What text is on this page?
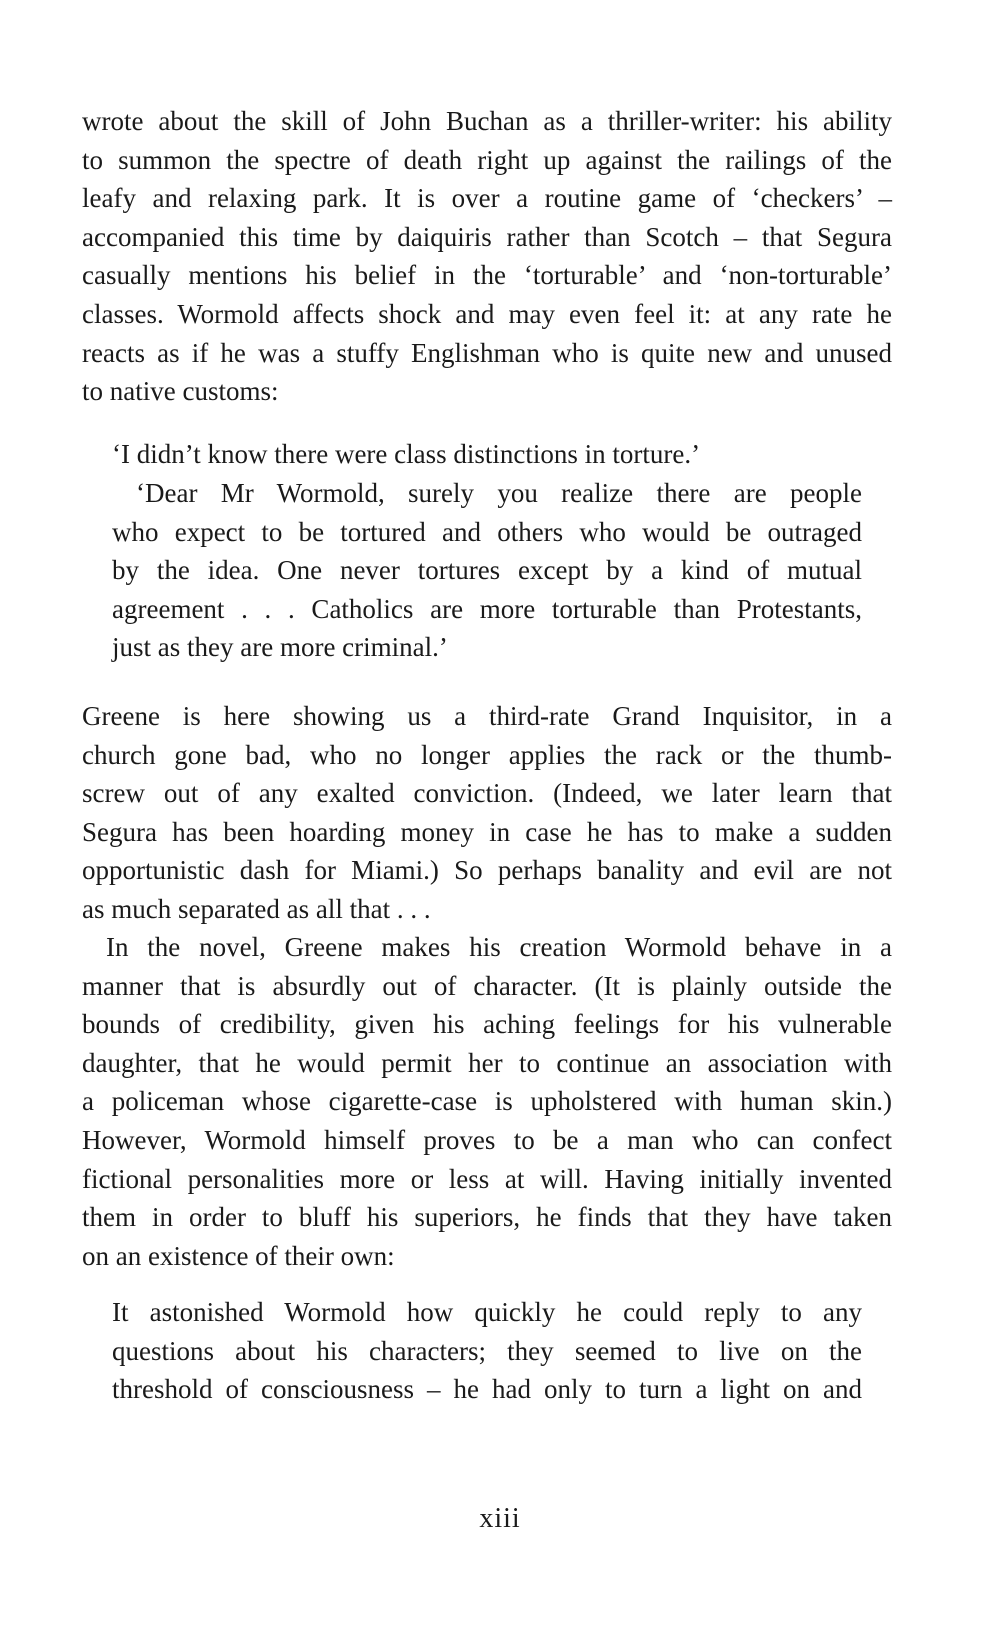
wrote about the skill of John Buchan as a thriller-writer: his ability
to summon the spectre of death right up against the railings of the
leafy and relaxing park. It is over a routine game of ‘checkers’ –
accompanied this time by daiquiris rather than Scotch – that Segura
casually mentions his belief in the ‘torturable’ and ‘non-torturable’
classes. Wormold affects shock and may even feel it: at any rate he
reacts as if he was a stuffy Englishman who is quite new and unused
to native customs:
‘I didn’t know there were class distinctions in torture.’
‘Dear Mr Wormold, surely you realize there are people
who expect to be tortured and others who would be outraged
by the idea. One never tortures except by a kind of mutual
agreement . . . Catholics are more torturable than Protestants,
just as they are more criminal.’
Greene is here showing us a third-rate Grand Inquisitor, in a
church gone bad, who no longer applies the rack or the thumb-
screw out of any exalted conviction. (Indeed, we later learn that
Segura has been hoarding money in case he has to make a sudden
opportunistic dash for Miami.) So perhaps banality and evil are not
as much separated as all that . . .
In the novel, Greene makes his creation Wormold behave in a
manner that is absurdly out of character. (It is plainly outside the
bounds of credibility, given his aching feelings for his vulnerable
daughter, that he would permit her to continue an association with
a policeman whose cigarette-case is upholstered with human skin.)
However, Wormold himself proves to be a man who can confect
fictional personalities more or less at will. Having initially invented
them in order to bluff his superiors, he finds that they have taken
on an existence of their own:
It astonished Wormold how quickly he could reply to any
questions about his characters; they seemed to live on the
threshold of consciousness – he had only to turn a light on and
xiii
